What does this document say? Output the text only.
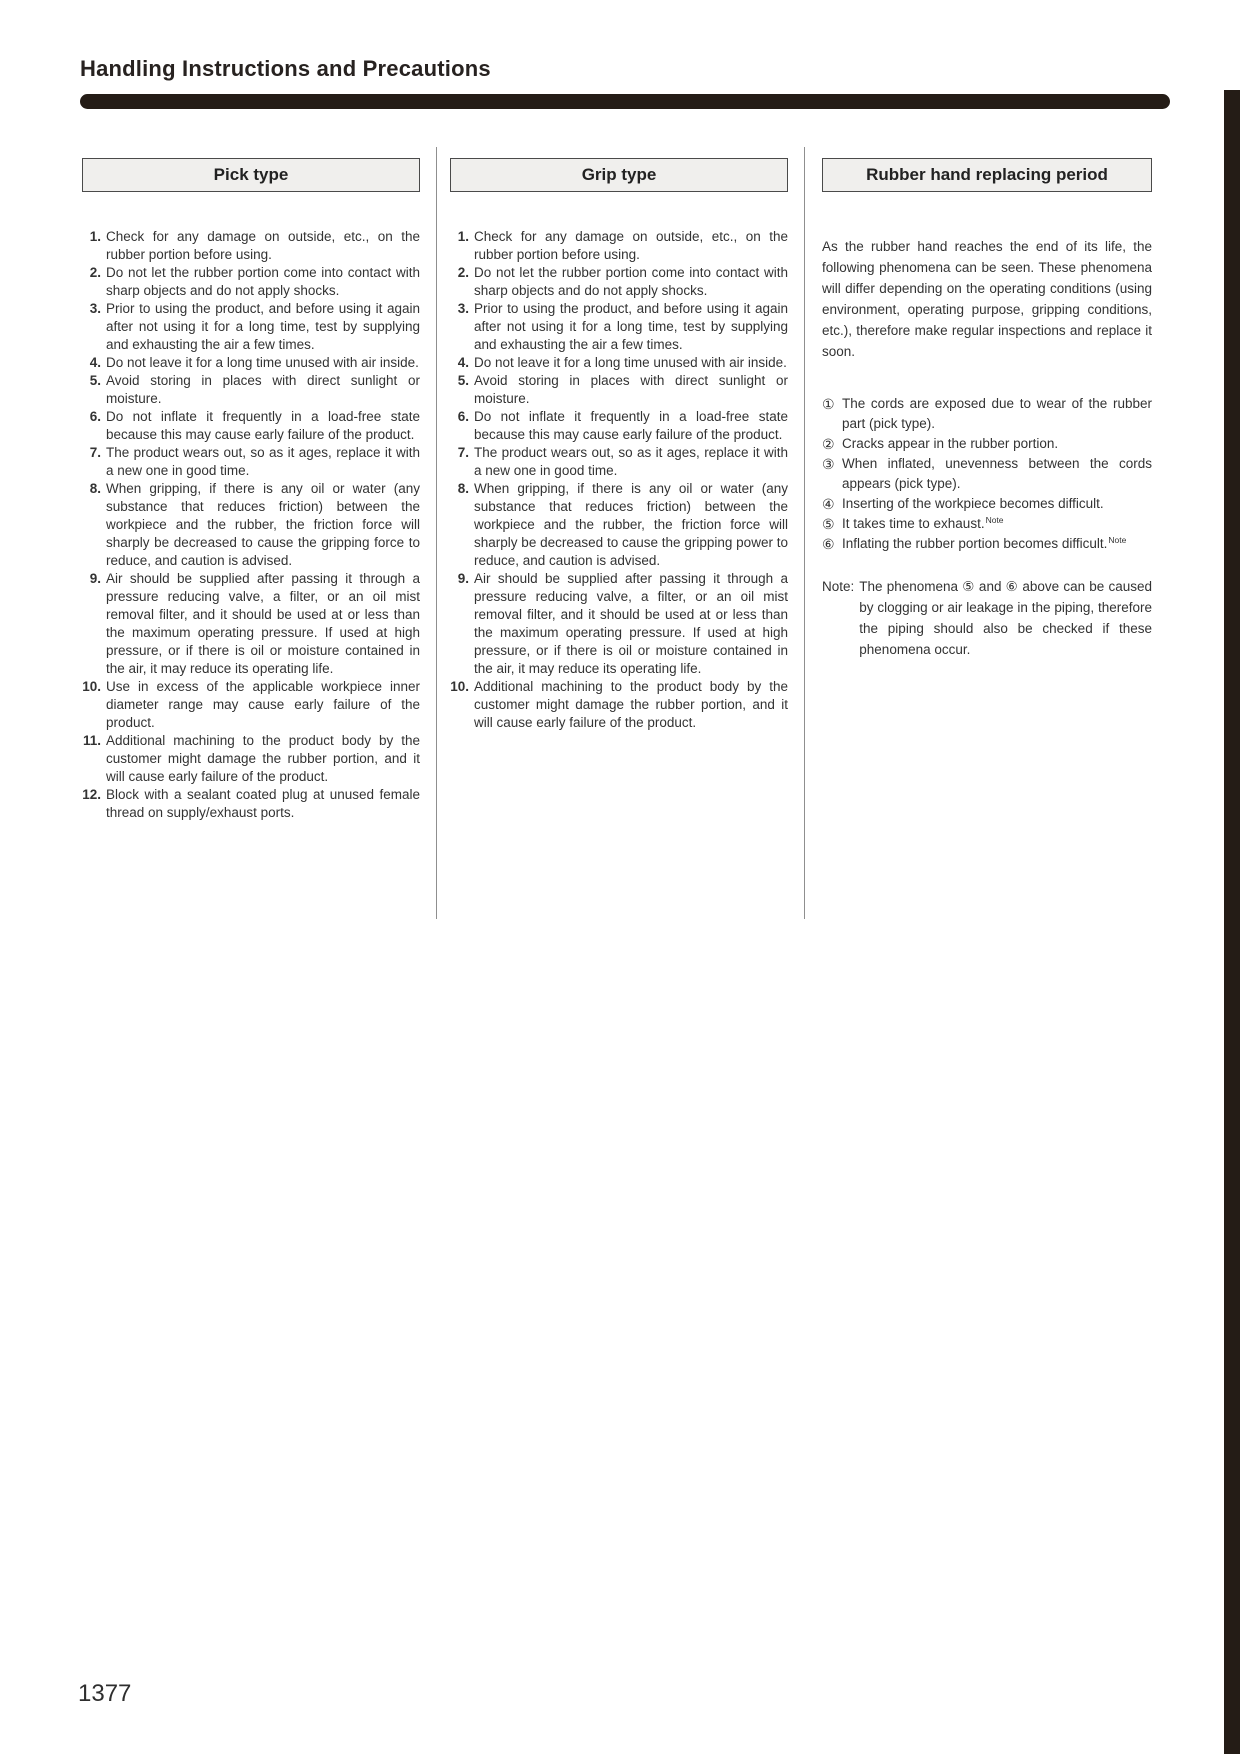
Handling Instructions and Precautions
Pick type
1. Check for any damage on outside, etc., on the rubber portion before using.
2. Do not let the rubber portion come into contact with sharp objects and do not apply shocks.
3. Prior to using the product, and before using it again after not using it for a long time, test by supplying and exhausting the air a few times.
4. Do not leave it for a long time unused with air inside.
5. Avoid storing in places with direct sunlight or moisture.
6. Do not inflate it frequently in a load-free state because this may cause early failure of the product.
7. The product wears out, so as it ages, replace it with a new one in good time.
8. When gripping, if there is any oil or water (any substance that reduces friction) between the workpiece and the rubber, the friction force will sharply be decreased to cause the gripping force to reduce, and caution is advised.
9. Air should be supplied after passing it through a pressure reducing valve, a filter, or an oil mist removal filter, and it should be used at or less than the maximum operating pressure. If used at high pressure, or if there is oil or moisture contained in the air, it may reduce its operating life.
10. Use in excess of the applicable workpiece inner diameter range may cause early failure of the product.
11. Additional machining to the product body by the customer might damage the rubber portion, and it will cause early failure of the product.
12. Block with a sealant coated plug at unused female thread on supply/exhaust ports.
Grip type
1. Check for any damage on outside, etc., on the rubber portion before using.
2. Do not let the rubber portion come into contact with sharp objects and do not apply shocks.
3. Prior to using the product, and before using it again after not using it for a long time, test by supplying and exhausting the air a few times.
4. Do not leave it for a long time unused with air inside.
5. Avoid storing in places with direct sunlight or moisture.
6. Do not inflate it frequently in a load-free state because this may cause early failure of the product.
7. The product wears out, so as it ages, replace it with a new one in good time.
8. When gripping, if there is any oil or water (any substance that reduces friction) between the workpiece and the rubber, the friction force will sharply be decreased to cause the gripping power to reduce, and caution is advised.
9. Air should be supplied after passing it through a pressure reducing valve, a filter, or an oil mist removal filter, and it should be used at or less than the maximum operating pressure. If used at high pressure, or if there is oil or moisture contained in the air, it may reduce its operating life.
10. Additional machining to the product body by the customer might damage the rubber portion, and it will cause early failure of the product.
Rubber hand replacing period

As the rubber hand reaches the end of its life, the following phenomena can be seen. These phenomena will differ depending on the operating conditions (using environment, operating purpose, gripping conditions, etc.), therefore make regular inspections and replace it soon.

① The cords are exposed due to wear of the rubber part (pick type).
② Cracks appear in the rubber portion.
③ When inflated, unevenness between the cords appears (pick type).
④ Inserting of the workpiece becomes difficult.
⑤ It takes time to exhaust.$^{Note}$
⑥ Inflating the rubber portion becomes difficult.$^{Note}$
Note: The phenomena ⑤ and ⑥ above can be caused by clogging or air leakage in the piping, therefore the piping should also be checked if these phenomena occur.
1377
